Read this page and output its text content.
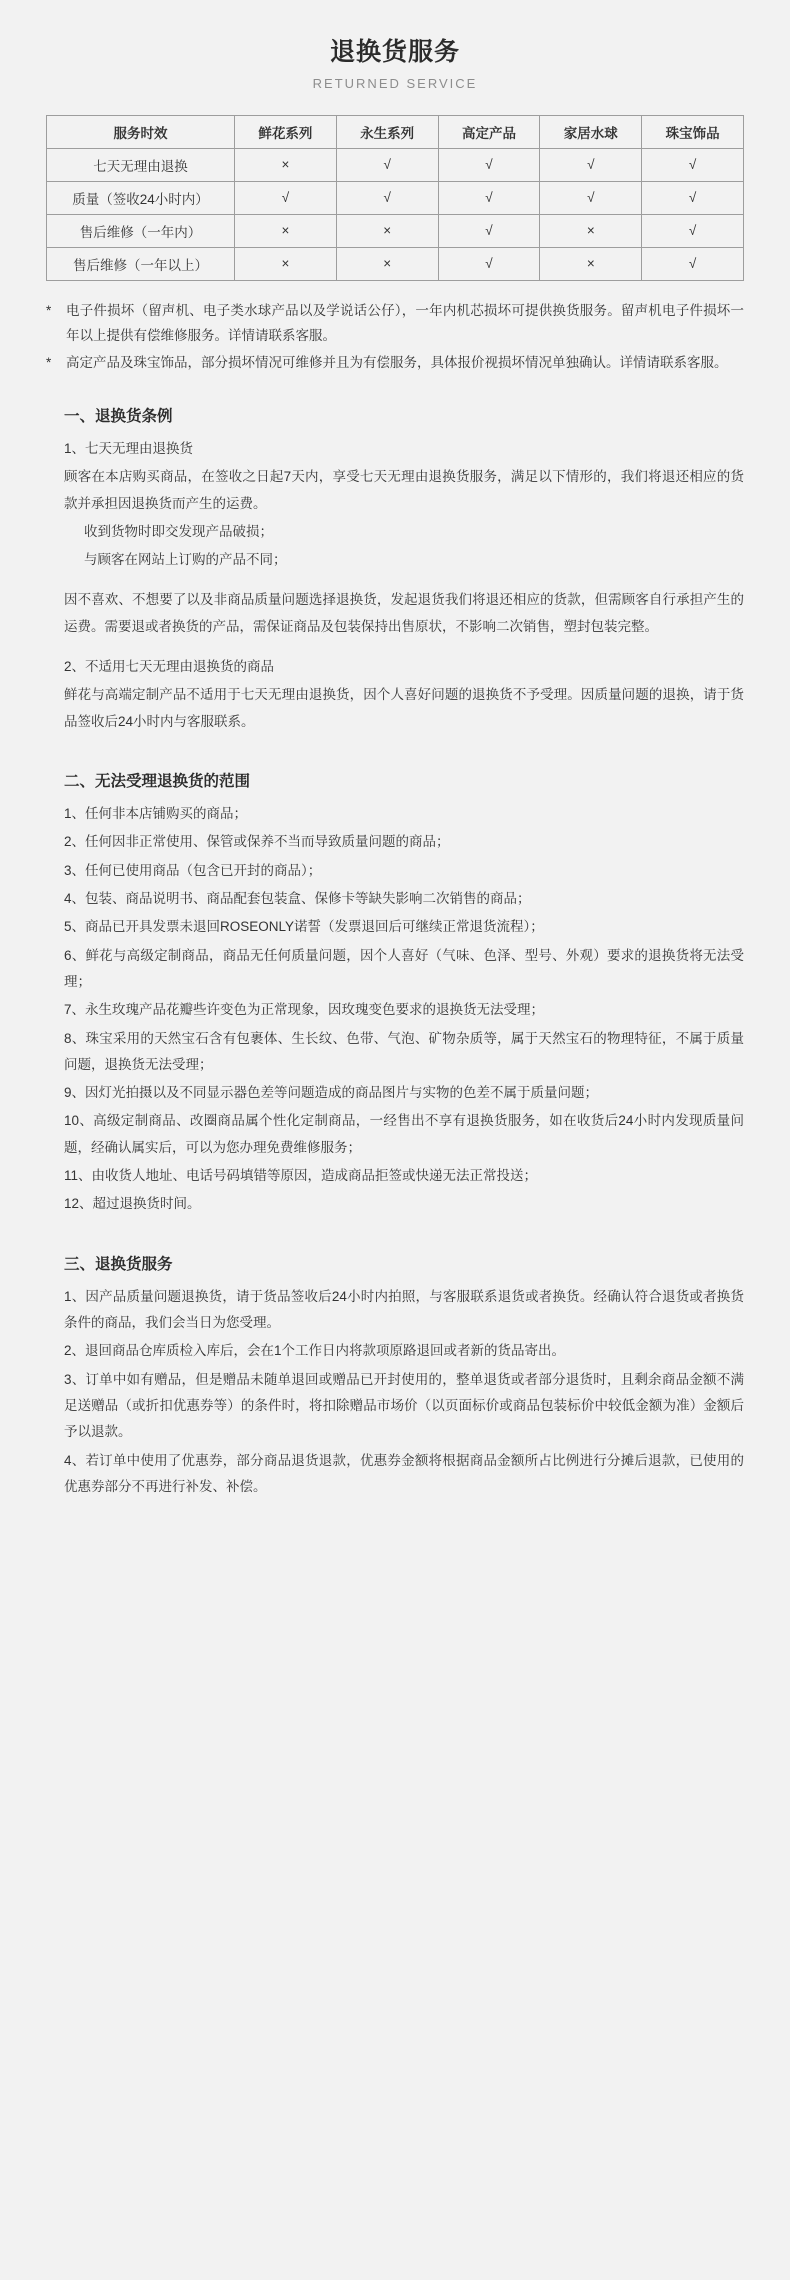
退换货服务
RETURNED SERVICE
服务时效	鲜花系列	永生系列	高定产品	家居水球	珠宝饰品
七天无理由退换	×	√	√	√	√
质量（签收24小时内）	√	√	√	√	√
售后维修（一年内）	×	×	√	×	√
售后维修（一年以上）	×	×	√	×	√
*	电子件损坏（留声机、电子类水球产品以及学说话公仔），一年内机芯损坏可提供换货服务。留声机电子件损坏一年以上提供有偿维修服务。详情请联系客服。
*	高定产品及珠宝饰品，部分损坏情况可维修并且为有偿服务，具体报价视损坏情况单独确认。详情请联系客服。
一、退换货条例

1、七天无理由退换货

顾客在本店购买商品，在签收之日起7天内，享受七天无理由退换货服务，满足以下情形的，我们将退还相应的货款并承担因退换货而产生的运费。

收到货物时即交发现产品破损；

与顾客在网站上订购的产品不同；

因不喜欢、不想要了以及非商品质量问题选择退换货，发起退货我们将退还相应的货款，但需顾客自行承担产生的运费。需要退或者换货的产品，需保证商品及包装保持出售原状，不影响二次销售，塑封包装完整。

2、不适用七天无理由退换货的商品

鲜花与高端定制产品不适用于七天无理由退换货，因个人喜好问题的退换货不予受理。因质量问题的退换，请于货品签收后24小时内与客服联系。

二、无法受理退换货的范围

1、任何非本店铺购买的商品；

2、任何因非正常使用、保管或保养不当而导致质量问题的商品；

3、任何已使用商品（包含已开封的商品）；

4、包装、商品说明书、商品配套包装盒、保修卡等缺失影响二次销售的商品；

5、商品已开具发票未退回ROSEONLY诺誓（发票退回后可继续正常退货流程）；

6、鲜花与高级定制商品，商品无任何质量问题，因个人喜好（气味、色泽、型号、外观）要求的退换货将无法受理；

7、永生玫瑰产品花瓣些许变色为正常现象，因玫瑰变色要求的退换货无法受理；

8、珠宝采用的天然宝石含有包裹体、生长纹、色带、气泡、矿物杂质等，属于天然宝石的物理特征，不属于质量问题，退换货无法受理；

9、因灯光拍摄以及不同显示器色差等问题造成的商品图片与实物的色差不属于质量问题；

10、高级定制商品、改圈商品属个性化定制商品，一经售出不享有退换货服务，如在收货后24小时内发现质量问题，经确认属实后，可以为您办理免费维修服务；

11、由收货人地址、电话号码填错等原因，造成商品拒签或快递无法正常投送；

12、超过退换货时间。

三、退换货服务

1、因产品质量问题退换货，请于货品签收后24小时内拍照，与客服联系退货或者换货。经确认符合退货或者换货条件的商品，我们会当日为您受理。

2、退回商品仓库质检入库后，会在1个工作日内将款项原路退回或者新的货品寄出。

3、订单中如有赠品，但是赠品未随单退回或赠品已开封使用的，整单退货或者部分退货时，且剩余商品金额不满足送赠品（或折扣优惠券等）的条件时，将扣除赠品市场价（以页面标价或商品包装标价中较低金额为准）金额后予以退款。

4、若订单中使用了优惠券，部分商品退货退款，优惠券金额将根据商品金额所占比例进行分摊后退款，已使用的优惠券部分不再进行补发、补偿。
